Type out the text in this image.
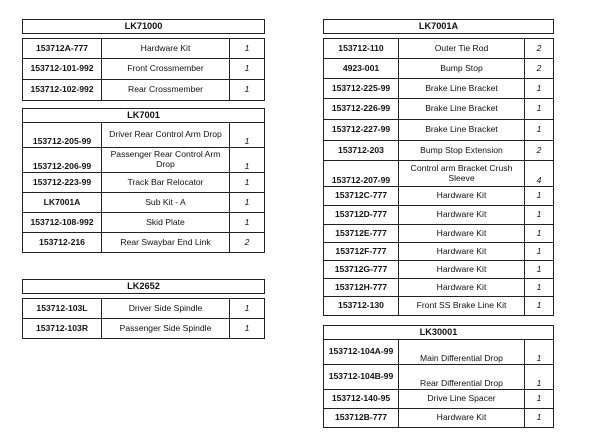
LK71000		

153712A-777	Hardware Kit	1
153712-101-992	Front Crossmember	1
153712-102-992	Rear Crossmember	1
LK7001		
153712-205-99	Driver Rear Control Arm Drop	1
153712-206-99	Passenger Rear Control Arm Drop	1
153712-223-99	Track Bar Relocator	1
LK7001A	Sub Kit - A	1
153712-108-992	Skid Plate	1
153712-216	Rear Swaybar End Link	2
LK2652		

153712-103L	Driver Side Spindle	1
153712-103R	Passenger Side Spindle	1
LK7001A		

153712-110	Outer Tie Rod	2
4923-001	Bump Stop	2
153712-225-99	Brake Line Bracket	1
153712-226-99	Brake Line Bracket	1
153712-227-99	Brake Line Bracket	1
153712-203	Bump Stop Extension	2
153712-207-99	Control arm Bracket Crush Sleeve	4
153712C-777	Hardware Kit	1
153712D-777	Hardware Kit	1
153712E-777	Hardware Kit	1
153712F-777	Hardware Kit	1
153712G-777	Hardware Kit	1
153712H-777	Hardware Kit	1
153712-130	Front SS Brake Line Kit	1
LK30001		
153712-104A-99	Main Differential Drop	1
153712-104B-99	Rear Differential Drop	1
153712-140-95	Drive Line Spacer	1
153712B-777	Hardware Kit	1
